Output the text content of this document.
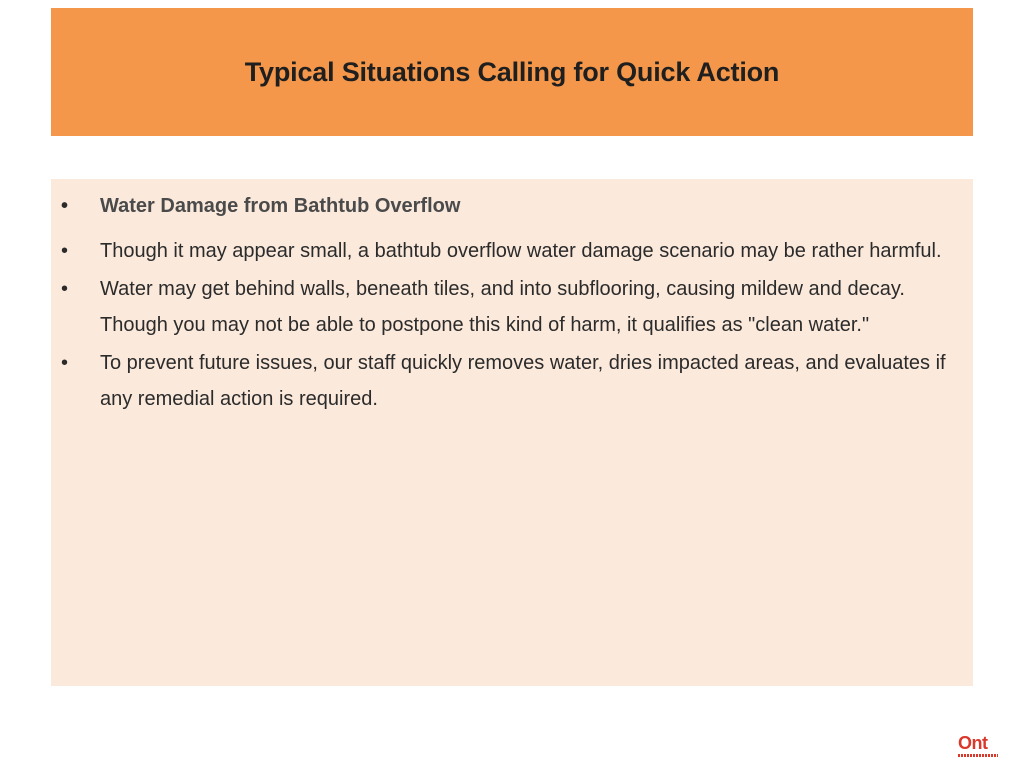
Typical Situations Calling for Quick Action
•	Water Damage from Bathtub Overflow
•	Though it may appear small, a bathtub overflow water damage scenario may be rather harmful.
•	Water may get behind walls, beneath tiles, and into subflooring, causing mildew and decay. Though you may not be able to postpone this kind of harm, it qualifies as "clean water."
•	To prevent future issues, our staff quickly removes water, dries impacted areas, and evaluates if any remedial action is required.
Ont
